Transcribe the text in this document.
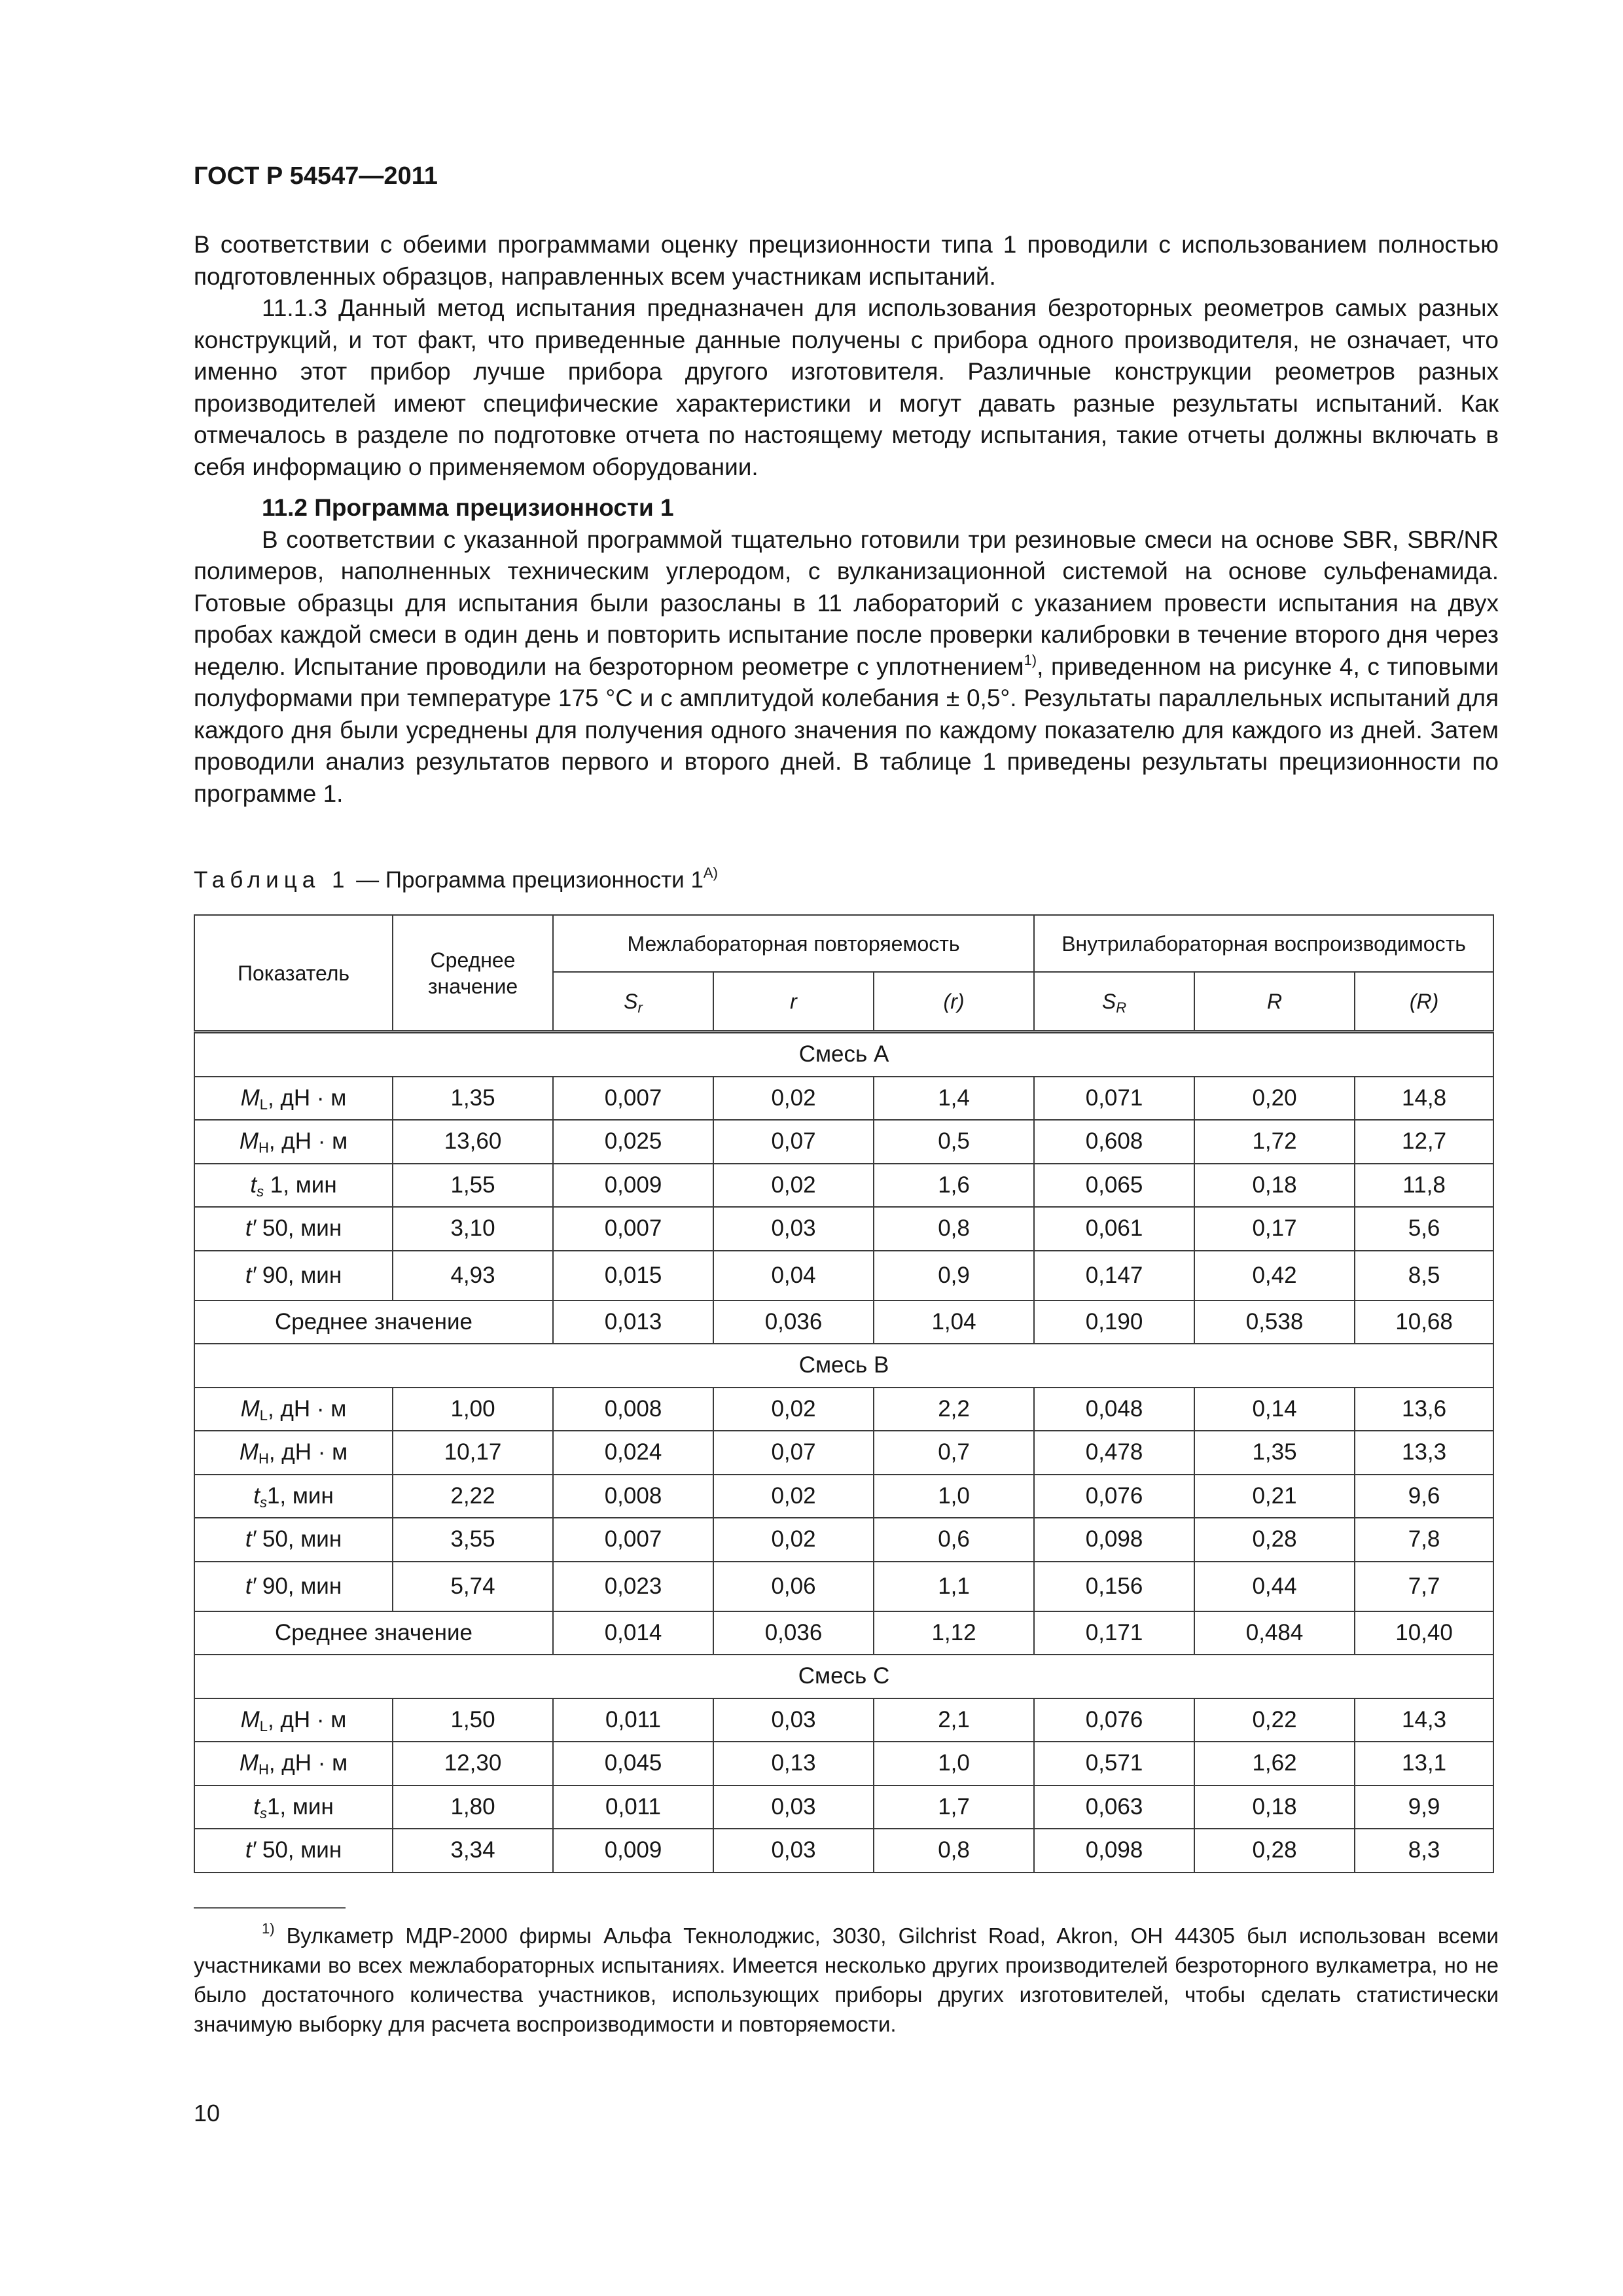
ГОСТ Р 54547—2011

В соответствии с обеими программами оценку прецизионности типа 1 проводили с использованием полностью подготовленных образцов, направленных всем участникам испытаний.

11.1.3 Данный метод испытания предназначен для использования безроторных реометров самых разных конструкций, и тот факт, что приведенные данные получены с прибора одного производителя, не означает, что именно этот прибор лучше прибора другого изготовителя. Различные конструкции реометров разных производителей имеют специфические характеристики и могут давать разные результаты испытаний. Как отмечалось в разделе по подготовке отчета по настоящему методу испытания, такие отчеты должны включать в себя информацию о применяемом оборудовании.

11.2 Программа прецизионности 1

В соответствии с указанной программой тщательно готовили три резиновые смеси на основе SBR, SBR/NR полимеров, наполненных техническим углеродом, с вулканизационной системой на основе сульфенамида. Готовые образцы для испытания были разосланы в 11 лабораторий с указанием провести испытания на двух пробах каждой смеси в один день и повторить испытание после проверки калибровки в течение второго дня через неделю. Испытание проводили на безроторном реометре с уплотнением$^{1)}$, приведенном на рисунке 4, с типовыми полуформами при температуре 175 °С и с амплитудой колебания ± 0,5°. Результаты параллельных испытаний для каждого дня были усреднены для получения одного значения по каждому показателю для каждого из дней. Затем проводили анализ результатов первого и второго дней. В таблице 1 приведены результаты прецизионности по программе 1.

Таблица 1 — Программа прецизионности $1^{А)}$

Показатель	Среднее значение	Межлабораторная повторяемость			Внутрилабораторная воспроизводимость		
		$S_r$	r	(r)	$S_R$	R	(R)
Смесь А							
$M_L$, дН · м	1,35	0,007	0,02	1,4	0,071	0,20	14,8
$M_H$, дН · м	13,60	0,025	0,07	0,5	0,608	1,72	12,7
$t_s$ 1, мин	1,55	0,009	0,02	1,6	0,065	0,18	11,8
t′ 50, мин	3,10	0,007	0,03	0,8	0,061	0,17	5,6
t′ 90, мин	4,93	0,015	0,04	0,9	0,147	0,42	8,5
Среднее значение		0,013	0,036	1,04	0,190	0,538	10,68
Смесь В							
$M_L$, дН · м	1,00	0,008	0,02	2,2	0,048	0,14	13,6
$M_H$, дН · м	10,17	0,024	0,07	0,7	0,478	1,35	13,3
$t_s1$, мин	2,22	0,008	0,02	1,0	0,076	0,21	9,6
t′ 50, мин	3,55	0,007	0,02	0,6	0,098	0,28	7,8
t′ 90, мин	5,74	0,023	0,06	1,1	0,156	0,44	7,7
Среднее значение		0,014	0,036	1,12	0,171	0,484	10,40
Смесь С							
$M_L$, дН · м	1,50	0,011	0,03	2,1	0,076	0,22	14,3
$M_H$, дН · м	12,30	0,045	0,13	1,0	0,571	1,62	13,1
$t_s1$, мин	1,80	0,011	0,03	1,7	0,063	0,18	9,9
t′ 50, мин	3,34	0,009	0,03	0,8	0,098	0,28	8,3

$^{1)}$ Вулкаметр МДР-2000 фирмы Альфа Текнолоджис, 3030, Gilchrist Road, Akron, OH 44305 был использован всеми участниками во всех межлабораторных испытаниях. Имеется несколько других производителей безроторного вулкаметра, но не было достаточного количества участников, использующих приборы других изготовителей, чтобы сделать статистически значимую выборку для расчета воспроизводимости и повторяемости.

10
